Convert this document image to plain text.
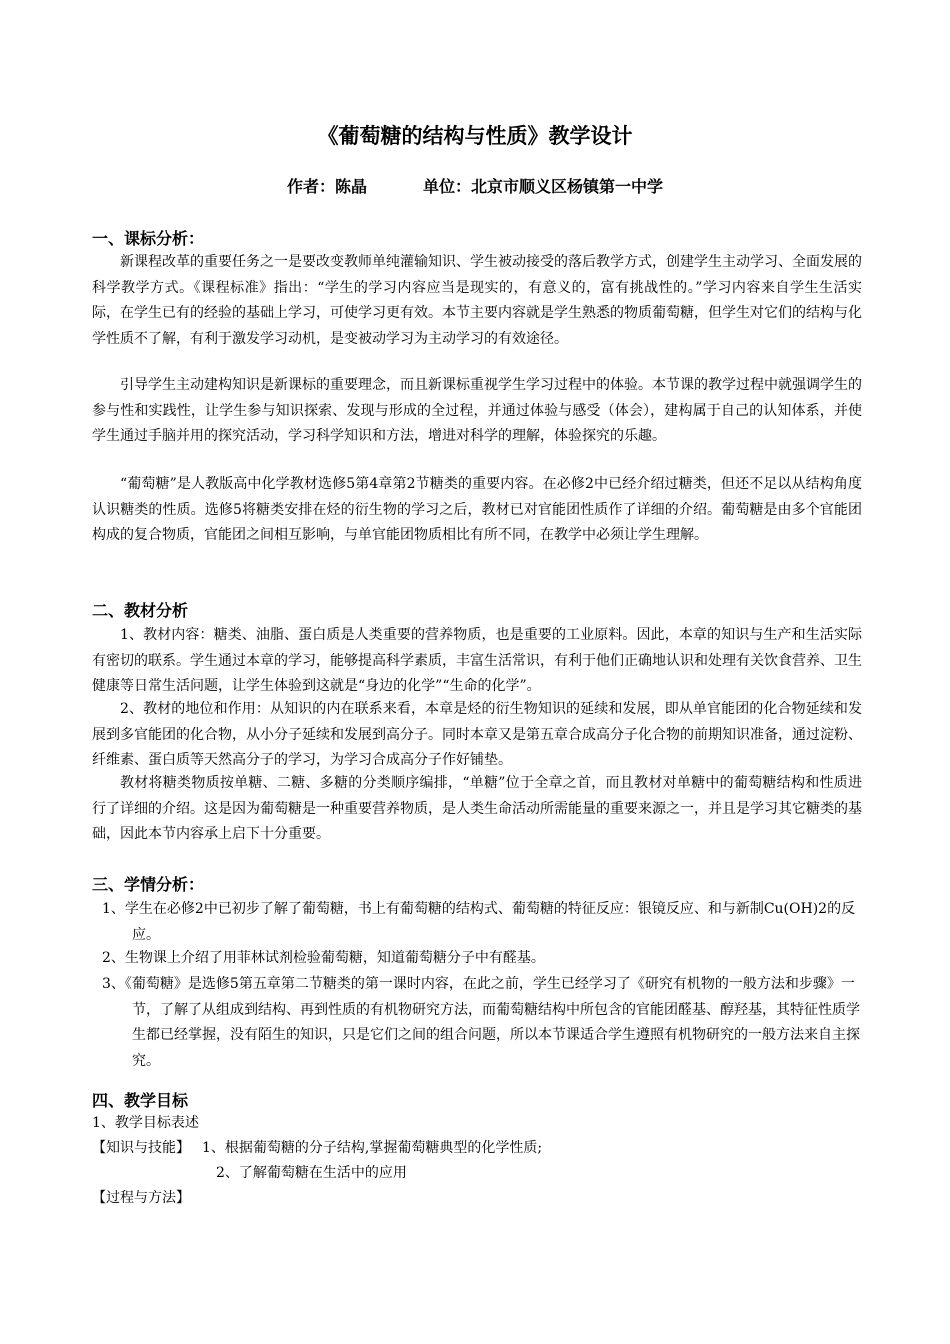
《葡萄糖的结构与性质》教学设计
作者：陈晶	单位：北京市顺义区杨镇第一中学
一、课标分析：

新课程改革的重要任务之一是要改变教师单纯灌输知识、学生被动接受的落后教学方式，创建学生主动学习、全面发展的科学教学方式。《课程标准》指出：“学生的学习内容应当是现实的，有意义的，富有挑战性的。”学习内容来自学生生活实际，在学生已有的经验的基础上学习，可使学习更有效。本节主要内容就是学生熟悉的物质葡萄糖，但学生对它们的结构与化学性质不了解，有利于激发学习动机，是变被动学习为主动学习的有效途径。

引导学生主动建构知识是新课标的重要理念，而且新课标重视学生学习过程中的体验。本节课的教学过程中就强调学生的参与性和实践性，让学生参与知识探索、发现与形成的全过程，并通过体验与感受（体会），建构属于自己的认知体系，并使学生通过手脑并用的探究活动，学习科学知识和方法，增进对科学的理解，体验探究的乐趣。

“葡萄糖”是人教版高中化学教材选修5第4章第2节糖类的重要内容。在必修2中已经介绍过糖类，但还不足以从结构角度认识糖类的性质。选修5将糖类安排在烃的衍生物的学习之后，教材已对官能团性质作了详细的介绍。葡萄糖是由多个官能团构成的复合物质，官能团之间相互影响，与单官能团物质相比有所不同，在教学中必须让学生理解。

二、教材分析

1、教材内容：糖类、油脂、蛋白质是人类重要的营养物质，也是重要的工业原料。因此，本章的知识与生产和生活实际有密切的联系。学生通过本章的学习，能够提高科学素质，丰富生活常识，有利于他们正确地认识和处理有关饮食营养、卫生健康等日常生活问题，让学生体验到这就是“身边的化学”“生命的化学”。

2、教材的地位和作用：从知识的内在联系来看，本章是烃的衍生物知识的延续和发展，即从单官能团的化合物延续和发展到多官能团的化合物，从小分子延续和发展到高分子。同时本章又是第五章合成高分子化合物的前期知识准备，通过淀粉、纤维素、蛋白质等天然高分子的学习，为学习合成高分子作好铺垫。

教材将糖类物质按单糖、二糖、多糖的分类顺序编排，“单糖”位于全章之首，而且教材对单糖中的葡萄糖结构和性质进行了详细的介绍。这是因为葡萄糖是一种重要营养物质，是人类生命活动所需能量的重要来源之一，并且是学习其它糖类的基础，因此本节内容承上启下十分重要。

三、学情分析：

1、学生在必修2中已初步了解了葡萄糖，书上有葡萄糖的结构式、葡萄糖的特征反应：银镜反应、和与新制Cu(OH)2的反应。

2、生物课上介绍了用菲林试剂检验葡萄糖，知道葡萄糖分子中有醛基。

3、《葡萄糖》是选修5第五章第二节糖类的第一课时内容，在此之前，学生已经学习了《研究有机物的一般方法和步骤》一节，了解了从组成到结构、再到性质的有机物研究方法，而葡萄糖结构中所包含的官能团醛基、醇羟基，其特征性质学生都已经掌握，没有陌生的知识，只是它们之间的组合问题，所以本节课适合学生遵照有机物研究的一般方法来自主探究。

四、教学目标
1、教学目标表述
【知识与技能】 1、根据葡萄糖的分子结构,掌握葡萄糖典型的化学性质;
2、了解葡萄糖在生活中的应用
【过程与方法】
